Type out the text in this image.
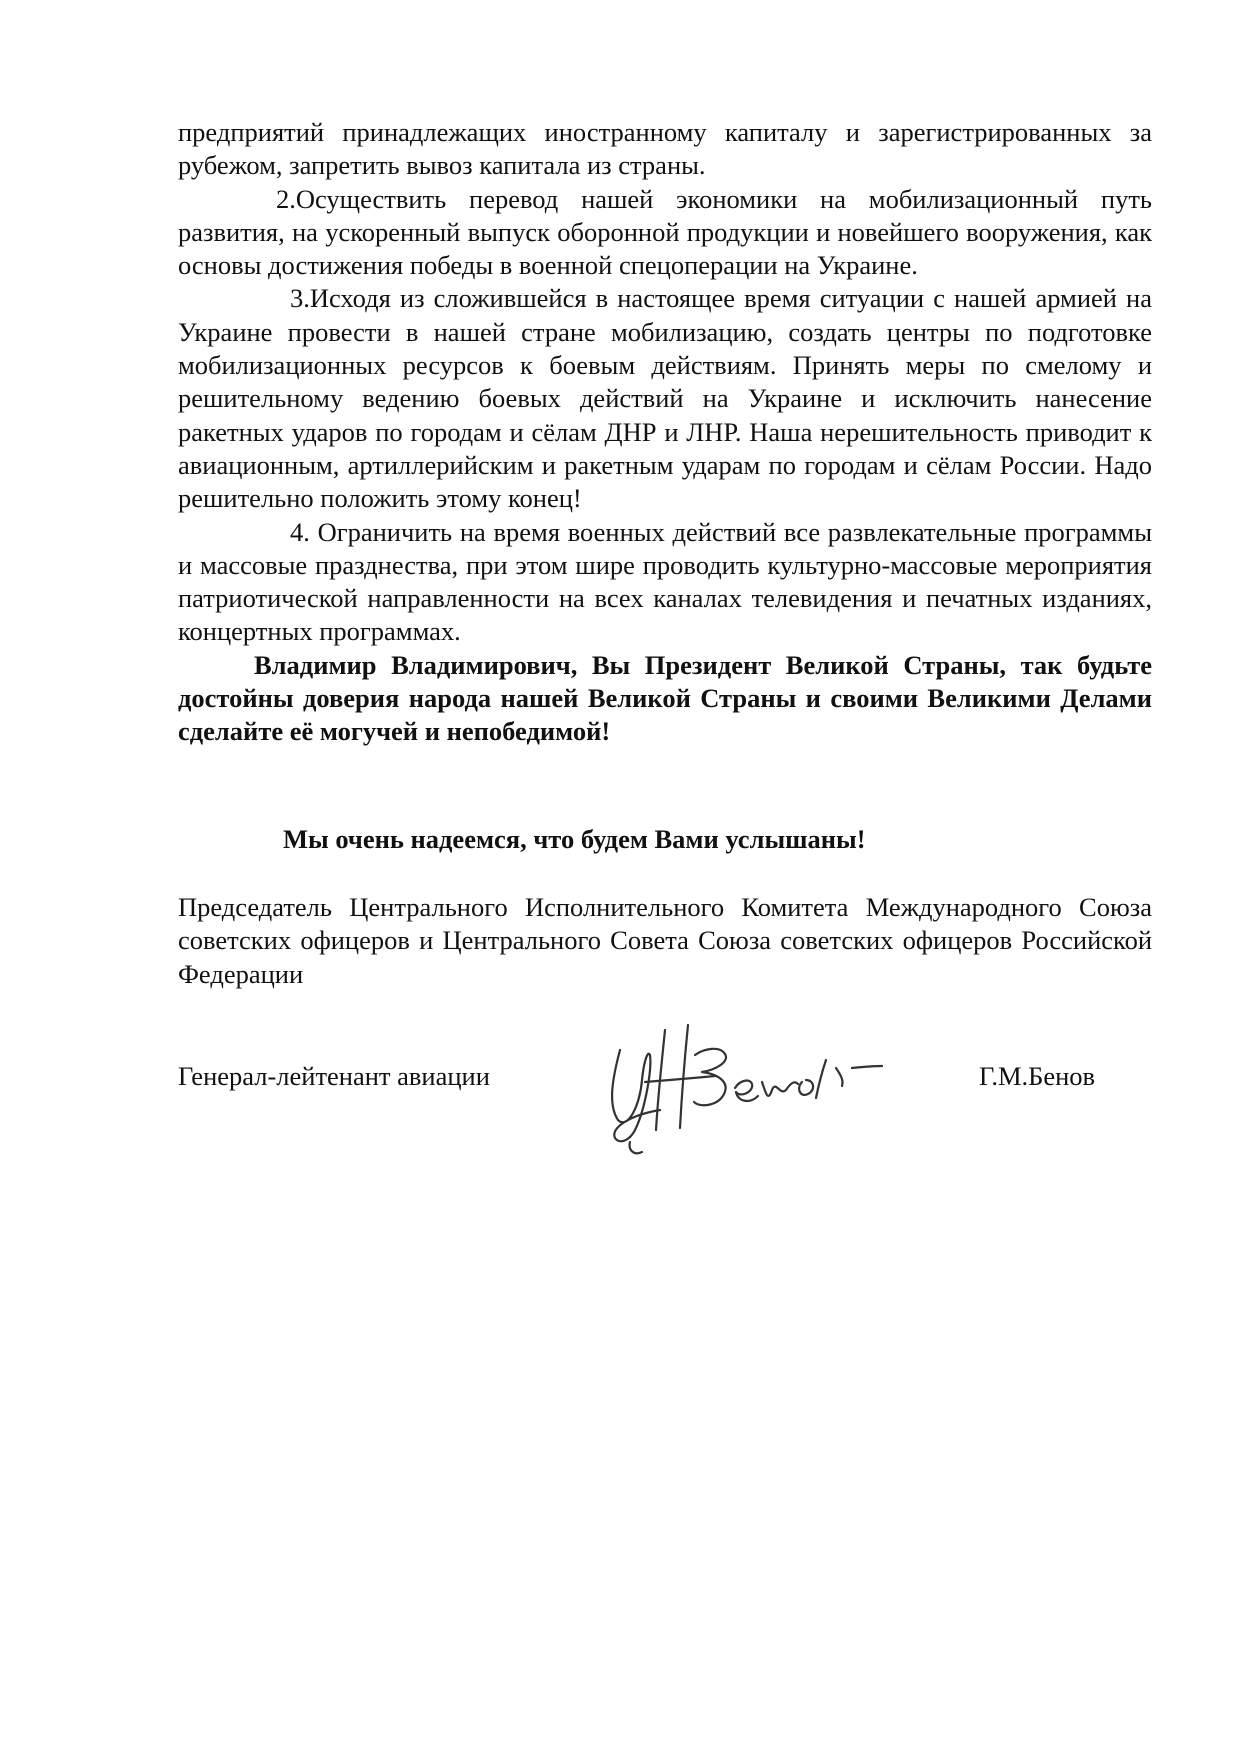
предприятий принадлежащих иностранному капиталу и зарегистрированных за рубежом, запретить вывоз капитала из страны.

2.Осуществить перевод нашей экономики на мобилизационный путь развития, на ускоренный выпуск оборонной продукции и новейшего вооружения, как основы достижения победы в военной спецоперации на Украине.

3.Исходя из сложившейся в настоящее время ситуации с нашей армией на Украине провести в нашей стране мобилизацию, создать центры по подготовке мобилизационных ресурсов к боевым действиям. Принять меры по смелому и решительному ведению боевых действий на Украине и исключить нанесение ракетных ударов по городам и сёлам ДНР и ЛНР. Наша нерешительность приводит к авиационным, артиллерийским и ракетным ударам по городам и сёлам России. Надо решительно положить этому конец!

4. Ограничить на время военных действий все развлекательные программы и массовые празднества, при этом шире проводить культурно-массовые мероприятия патриотической направленности на всех каналах телевидения и печатных изданиях, концертных программах.

Владимир Владимирович, Вы Президент Великой Страны, так будьте достойны доверия народа нашей Великой Страны и своими Великими Делами сделайте её могучей и непобедимой!

Мы очень надеемся, что будем Вами услышаны!
Председатель Центрального Исполнительного Комитета Международного Союза советских офицеров и Центрального Совета Союза советских офицеров Российской Федерации
Генерал-лейтенант авиации	Г.М.Бенов
